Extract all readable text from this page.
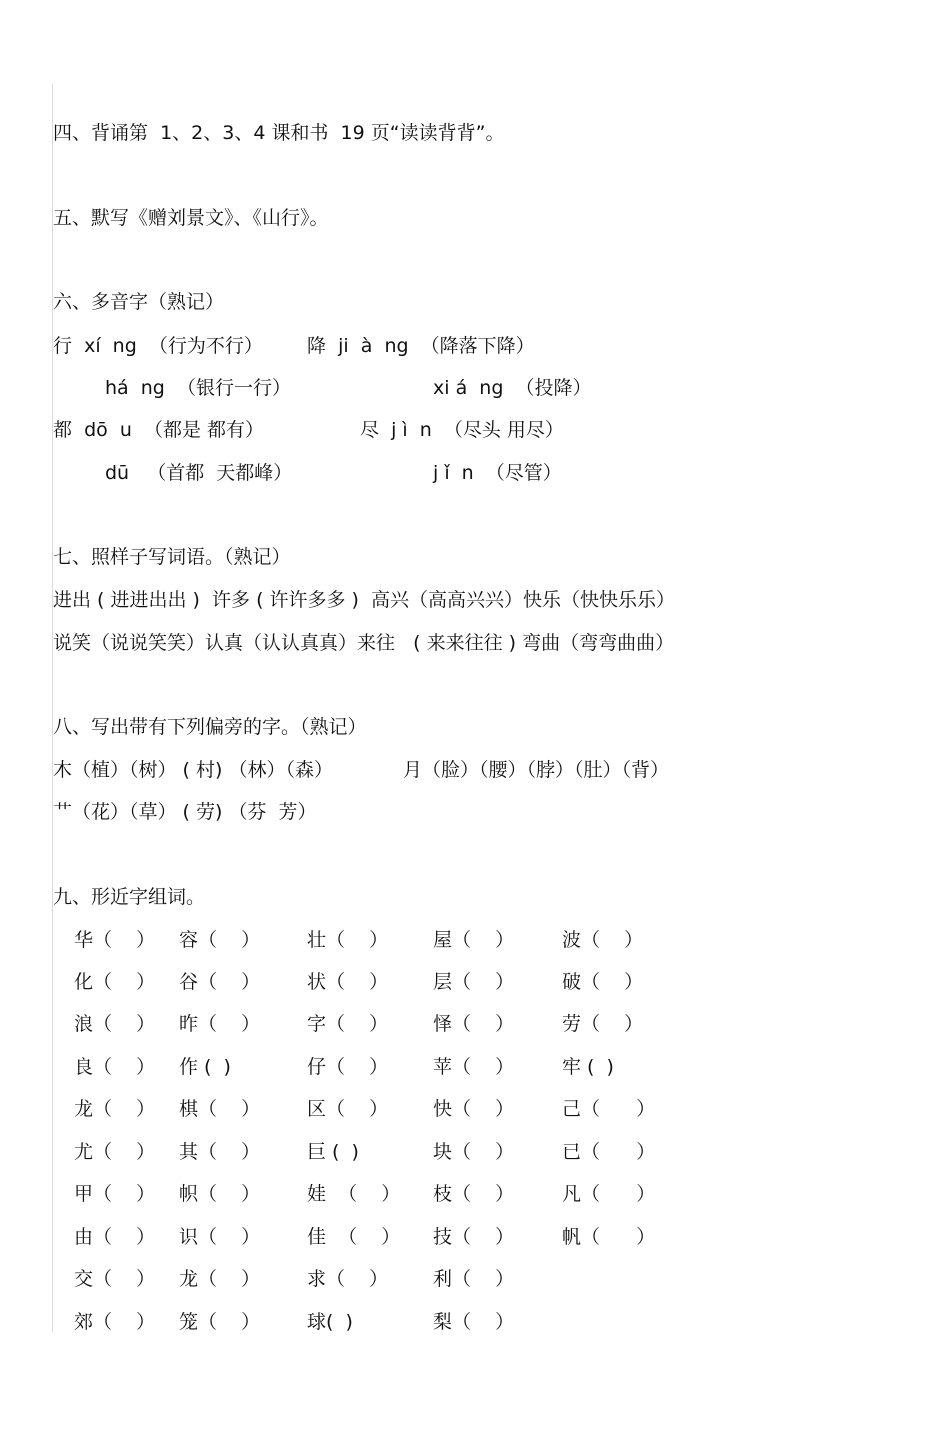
四、背诵第  1、2、3、4 课和书  19 页“读读背背”。
五、默写《赠刘景文》、《山行》。
六、多音字（熟记）
行  xí  ng  （行为不行） 降  ji  à  ng  （降落下降）
há  ng  （银行一行）	xi á  ng  （投降）
都  dō  u  （都是 都有）	尽  j ì  n  （尽头 用尽）
dū   （首都  天都峰）	j ǐ  n  （尽管）
七、照样子写词语。（熟记）
进出 ( 进进出出 )  许多 ( 许许多多 )  高兴（高高兴兴）快乐（快快乐乐）
说笑（说说笑笑）认真（认认真真）来往   ( 来来往往 ) 弯曲（弯弯曲曲）
八、写出带有下列偏旁的字。（熟记）
木（植）（树） ( 村) （林）（森）	月（脸）（腰）（脖）（肚）（背）
艹（花）（草） ( 劳) （芬  芳）
九、形近字组词。
华（    ） 容（    ） 壮（    ） 屋（    ）	波（    ）
化（    ） 谷（    ） 状（    ） 层（    ）	破（    ）
浪（    ） 昨（    ） 字（    ） 怿（    ）	劳（    ）
良（    ） 作 (  )	仔（    ） 苹（    ）	牢 (  )
龙（    ） 棋（    ） 区（    ） 快（    ）	己（      ）
尤（    ） 其（    ） 巨 (  )	块（    ）	已（      ）
甲（    ） 帜（    ） 娃  （    ） 枝（    ）	凡（      ）
由（    ） 识（    ） 佳  （    ） 技（    ）	帆（      ）
交（    ） 龙（    ） 求（    ） 利（    ）
郊（    ） 笼（    ） 球(  )	梨（    ）
